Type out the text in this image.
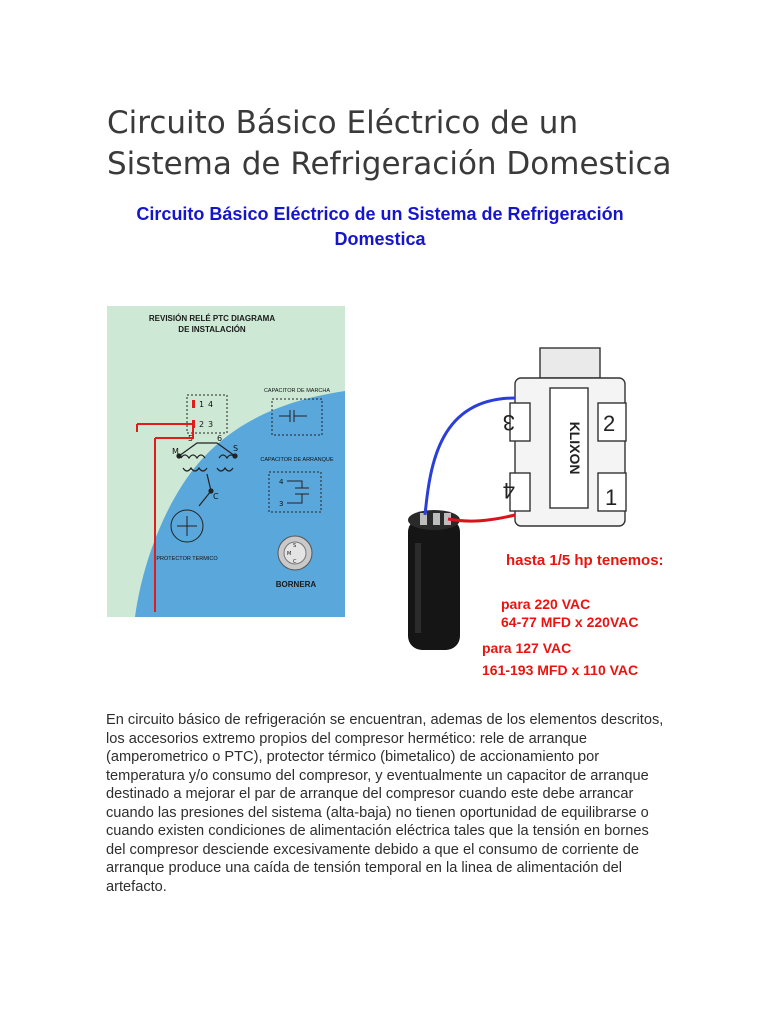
Circuito Básico Eléctrico de un Sistema de Refrigeración Domestica
Circuito Básico Eléctrico de un Sistema de Refrigeración Domestica
REVISIÓN RELÉ PTC DIAGRAMA
DE INSTALACIÓN
1 4
2 3
5	6
M	S
C
PROTECTOR TERMICO
CAPACITOR DE MARCHA
CAPACITOR DE ARRANQUE
4
3
S
M
C
BORNERA
KLIXON
3	2
4	1
hasta 1/5 hp tenemos:
para 220 VAC
64-77 MFD x 220VAC
para 127 VAC
161-193 MFD x 110 VAC

En circuito básico de refrigeración se encuentran, ademas de los elementos descritos, los accesorios extremo propios del compresor hermético: rele de arranque (amperometrico o PTC), protector térmico (bimetalico) de accionamiento por temperatura y/o consumo del compresor, y eventualmente un capacitor de arranque destinado a mejorar el par de arranque del compresor cuando este debe arrancar cuando las presiones del sistema (alta-baja) no tienen oportunidad de equilibrarse o cuando existen condiciones de alimentación eléctrica tales que la tensión en bornes del compresor desciende excesivamente debido a que el consumo de corriente de arranque produce una caída de tensión temporal en la linea de alimentación del artefacto.
